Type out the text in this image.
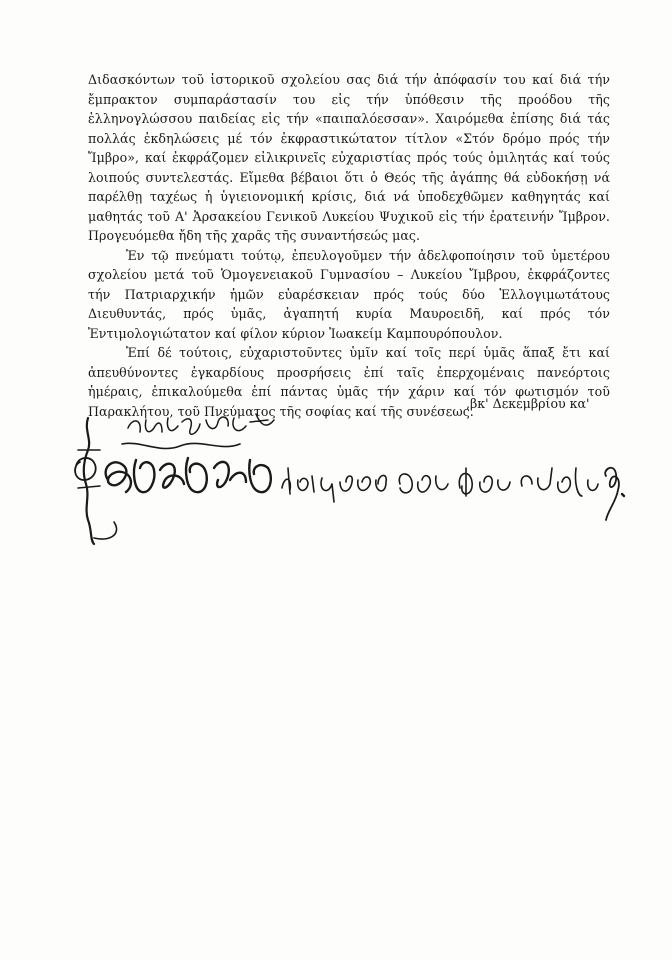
Διδασκόντων τοῦ ἱστορικοῦ σχολείου σας διά τήν ἀπόφασίν του καί διά τήν ἔμπρακτον συμπαράστασίν του εἰς τήν ὑπόθεσιν τῆς προόδου τῆς ἑλληνογλώσσου παιδείας εἰς τήν «παιπαλόεσσαν». Χαιρόμεθα ἐπίσης διά τάς πολλάς ἐκδηλώσεις μέ τόν ἐκφραστικώτατον τίτλον «Στόν δρόμο πρός τήν Ἴμβρο», καί ἐκφράζομεν εἰλικρινεῖς εὐχαριστίας πρός τούς ὁμιλητάς καί τούς λοιπούς συντελεστάς. Εἴμεθα βέβαιοι ὅτι ὁ Θεός τῆς ἀγάπης θά εὐδοκήσῃ νά παρέλθῃ ταχέως ἡ ὑγιειονομική κρίσις, διά νά ὑποδεχθῶμεν καθηγητάς καί μαθητάς τοῦ Α' Ἀρσακείου Γενικοῦ Λυκείου Ψυχικοῦ εἰς τήν ἐρατεινήν Ἴμβρον. Προγευόμεθα ἤδη τῆς χαρᾶς τῆς συναντήσεώς μας.

Ἐν τῷ πνεύματι τούτῳ, ἐπευλογοῦμεν τήν ἀδελφοποίησιν τοῦ ὑμετέρου σχολείου μετά τοῦ Ὁμογενειακοῦ Γυμνασίου – Λυκείου Ἴμβρου, ἐκφράζοντες τήν Πατριαρχικήν ἡμῶν εὐαρέσκειαν πρός τούς δύο Ἐλλογιμωτάτους Διευθυντάς, πρός ὑμᾶς, ἀγαπητή κυρία Μαυροειδῆ, καί πρός τόν Ἐντιμολογιώτατον καί φίλον κύριον Ἰωακείμ Καμπουρόπουλον.

Ἐπί δέ τούτοις, εὐχαριστοῦντες ὑμῖν καί τοῖς περί ὑμᾶς ἅπαξ ἔτι καί ἀπευθύνοντες ἐγκαρδίους προσρήσεις ἐπί ταῖς ἐπερχομέναις πανεόρτοις ἡμέραις, ἐπικαλούμεθα ἐπί πάντας ὑμᾶς τήν χάριν καί τόν φωτισμόν τοῦ Παρακλήτου, τοῦ Πνεύματος τῆς σοφίας καί τῆς συνέσεως.

,βκ' Δεκεμβρίου κα'
